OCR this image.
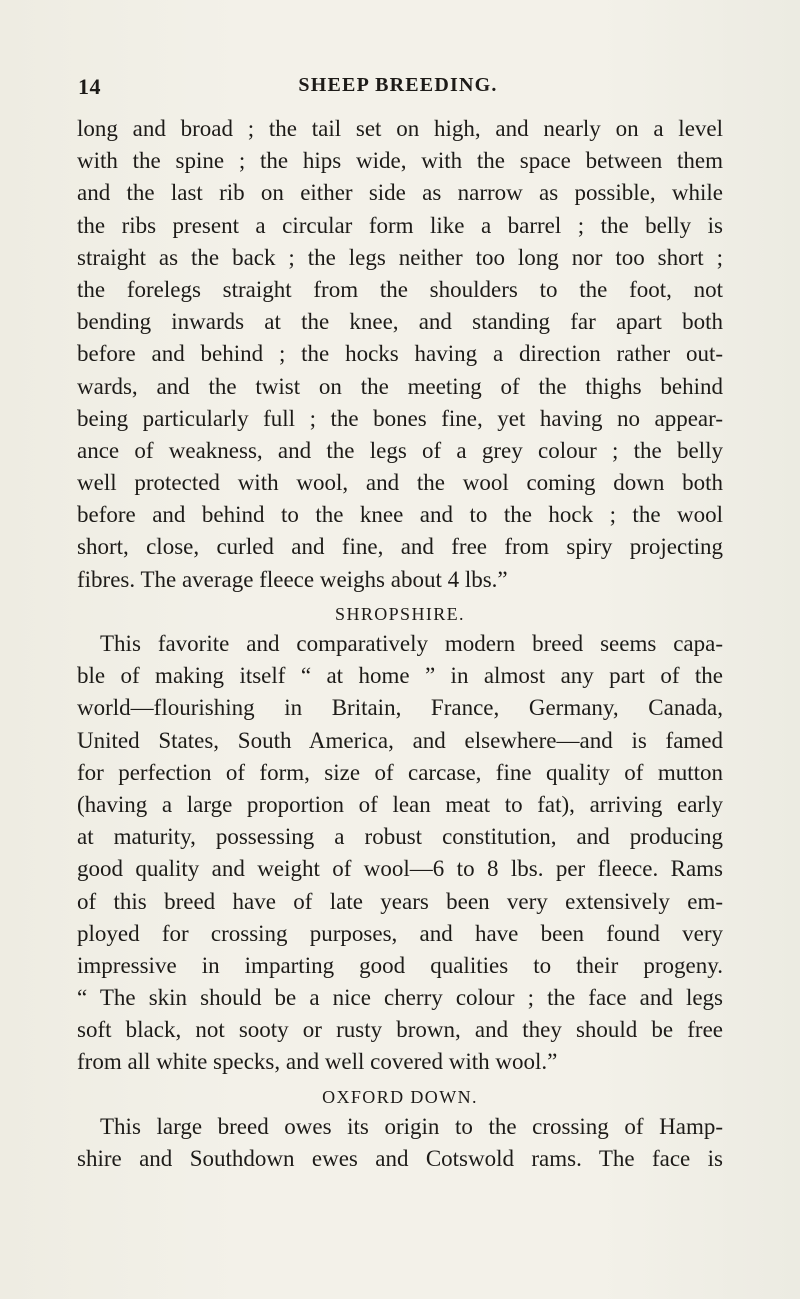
14	SHEEP BREEDING.
long and broad ; the tail set on high, and nearly on a level
with the spine ; the hips wide, with the space between them
and the last rib on either side as narrow as possible, while
the ribs present a circular form like a barrel ; the belly is
straight as the back ; the legs neither too long nor too short ;
the forelegs straight from the shoulders to the foot, not
bending inwards at the knee, and standing far apart both
before and behind ; the hocks having a direction rather out-
wards, and the twist on the meeting of the thighs behind
being particularly full ; the bones fine, yet having no appear-
ance of weakness, and the legs of a grey colour ; the belly
well protected with wool, and the wool coming down both
before and behind to the knee and to the hock ; the wool
short, close, curled and fine, and free from spiry projecting
fibres. The average fleece weighs about 4 lbs.”
SHROPSHIRE.
This favorite and comparatively modern breed seems capa-
ble of making itself “ at home ” in almost any part of the
world—flourishing in Britain, France, Germany, Canada,
United States, South America, and elsewhere—and is famed
for perfection of form, size of carcase, fine quality of mutton
(having a large proportion of lean meat to fat), arriving early
at maturity, possessing a robust constitution, and producing
good quality and weight of wool—6 to 8 lbs. per fleece. Rams
of this breed have of late years been very extensively em-
ployed for crossing purposes, and have been found very
impressive in imparting good qualities to their progeny.
“ The skin should be a nice cherry colour ; the face and legs
soft black, not sooty or rusty brown, and they should be free
from all white specks, and well covered with wool.”
OXFORD DOWN.
This large breed owes its origin to the crossing of Hamp-
shire and Southdown ewes and Cotswold rams. The face is
